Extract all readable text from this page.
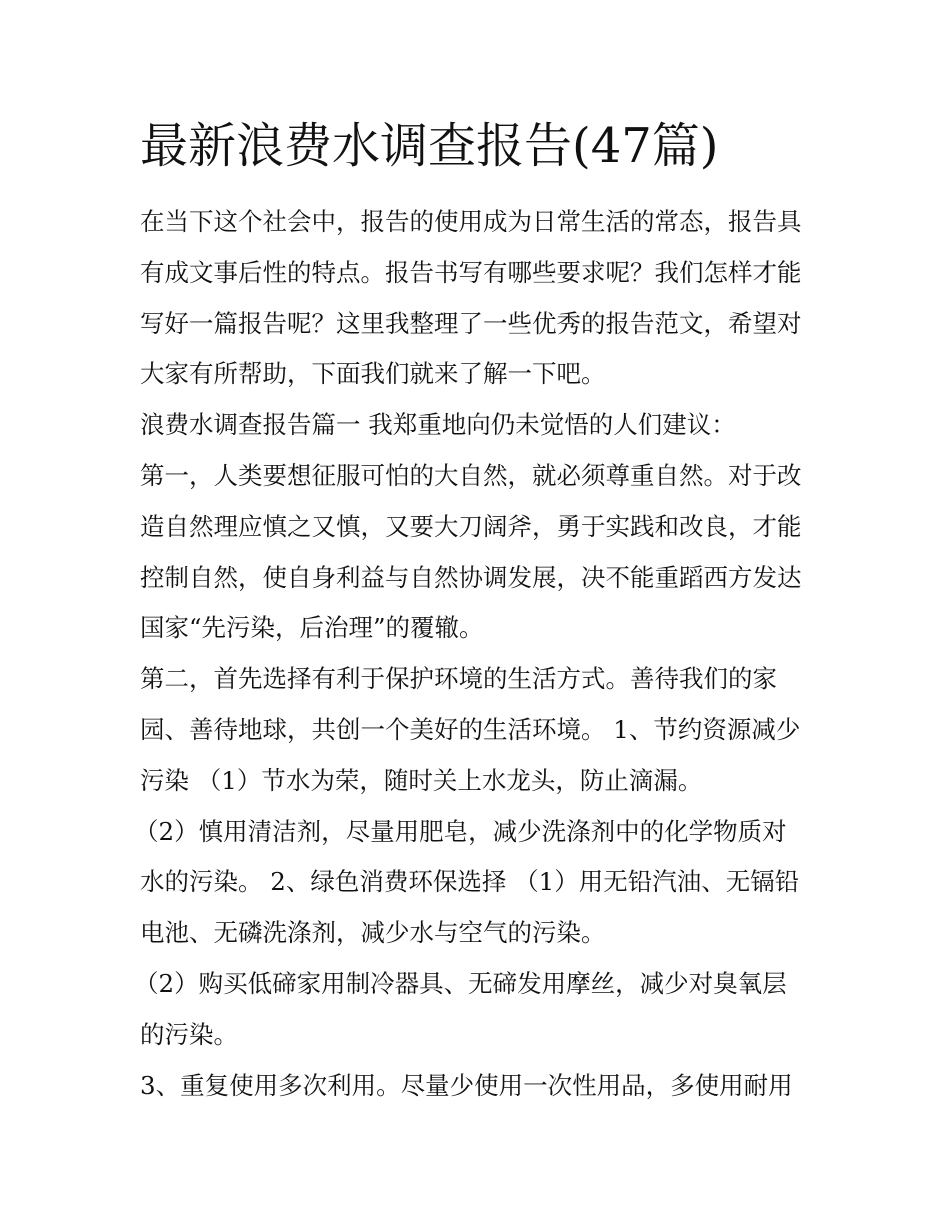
最新浪费水调查报告(47篇)
在当下这个社会中，报告的使用成为日常生活的常态，报告具
有成文事后性的特点。报告书写有哪些要求呢？我们怎样才能
写好一篇报告呢？这里我整理了一些优秀的报告范文，希望对
大家有所帮助，下面我们就来了解一下吧。
浪费水调查报告篇一 我郑重地向仍未觉悟的人们建议：
第一，人类要想征服可怕的大自然，就必须尊重自然。对于改
造自然理应慎之又慎，又要大刀阔斧，勇于实践和改良，才能
控制自然，使自身利益与自然协调发展，决不能重蹈西方发达
国家“先污染，后治理”的覆辙。
第二，首先选择有利于保护环境的生活方式。善待我们的家
园、善待地球，共创一个美好的生活环境。 1、节约资源减少
污染 （1）节水为荣，随时关上水龙头，防止滴漏。
（2）慎用清洁剂，尽量用肥皂，减少洗涤剂中的化学物质对
水的污染。 2、绿色消费环保选择 （1）用无铅汽油、无镉铅
电池、无磷洗涤剂，减少水与空气的污染。
（2）购买低碲家用制冷器具、无碲发用摩丝，减少对臭氧层
的污染。
3、重复使用多次利用。尽量少使用一次性用品，多使用耐用
